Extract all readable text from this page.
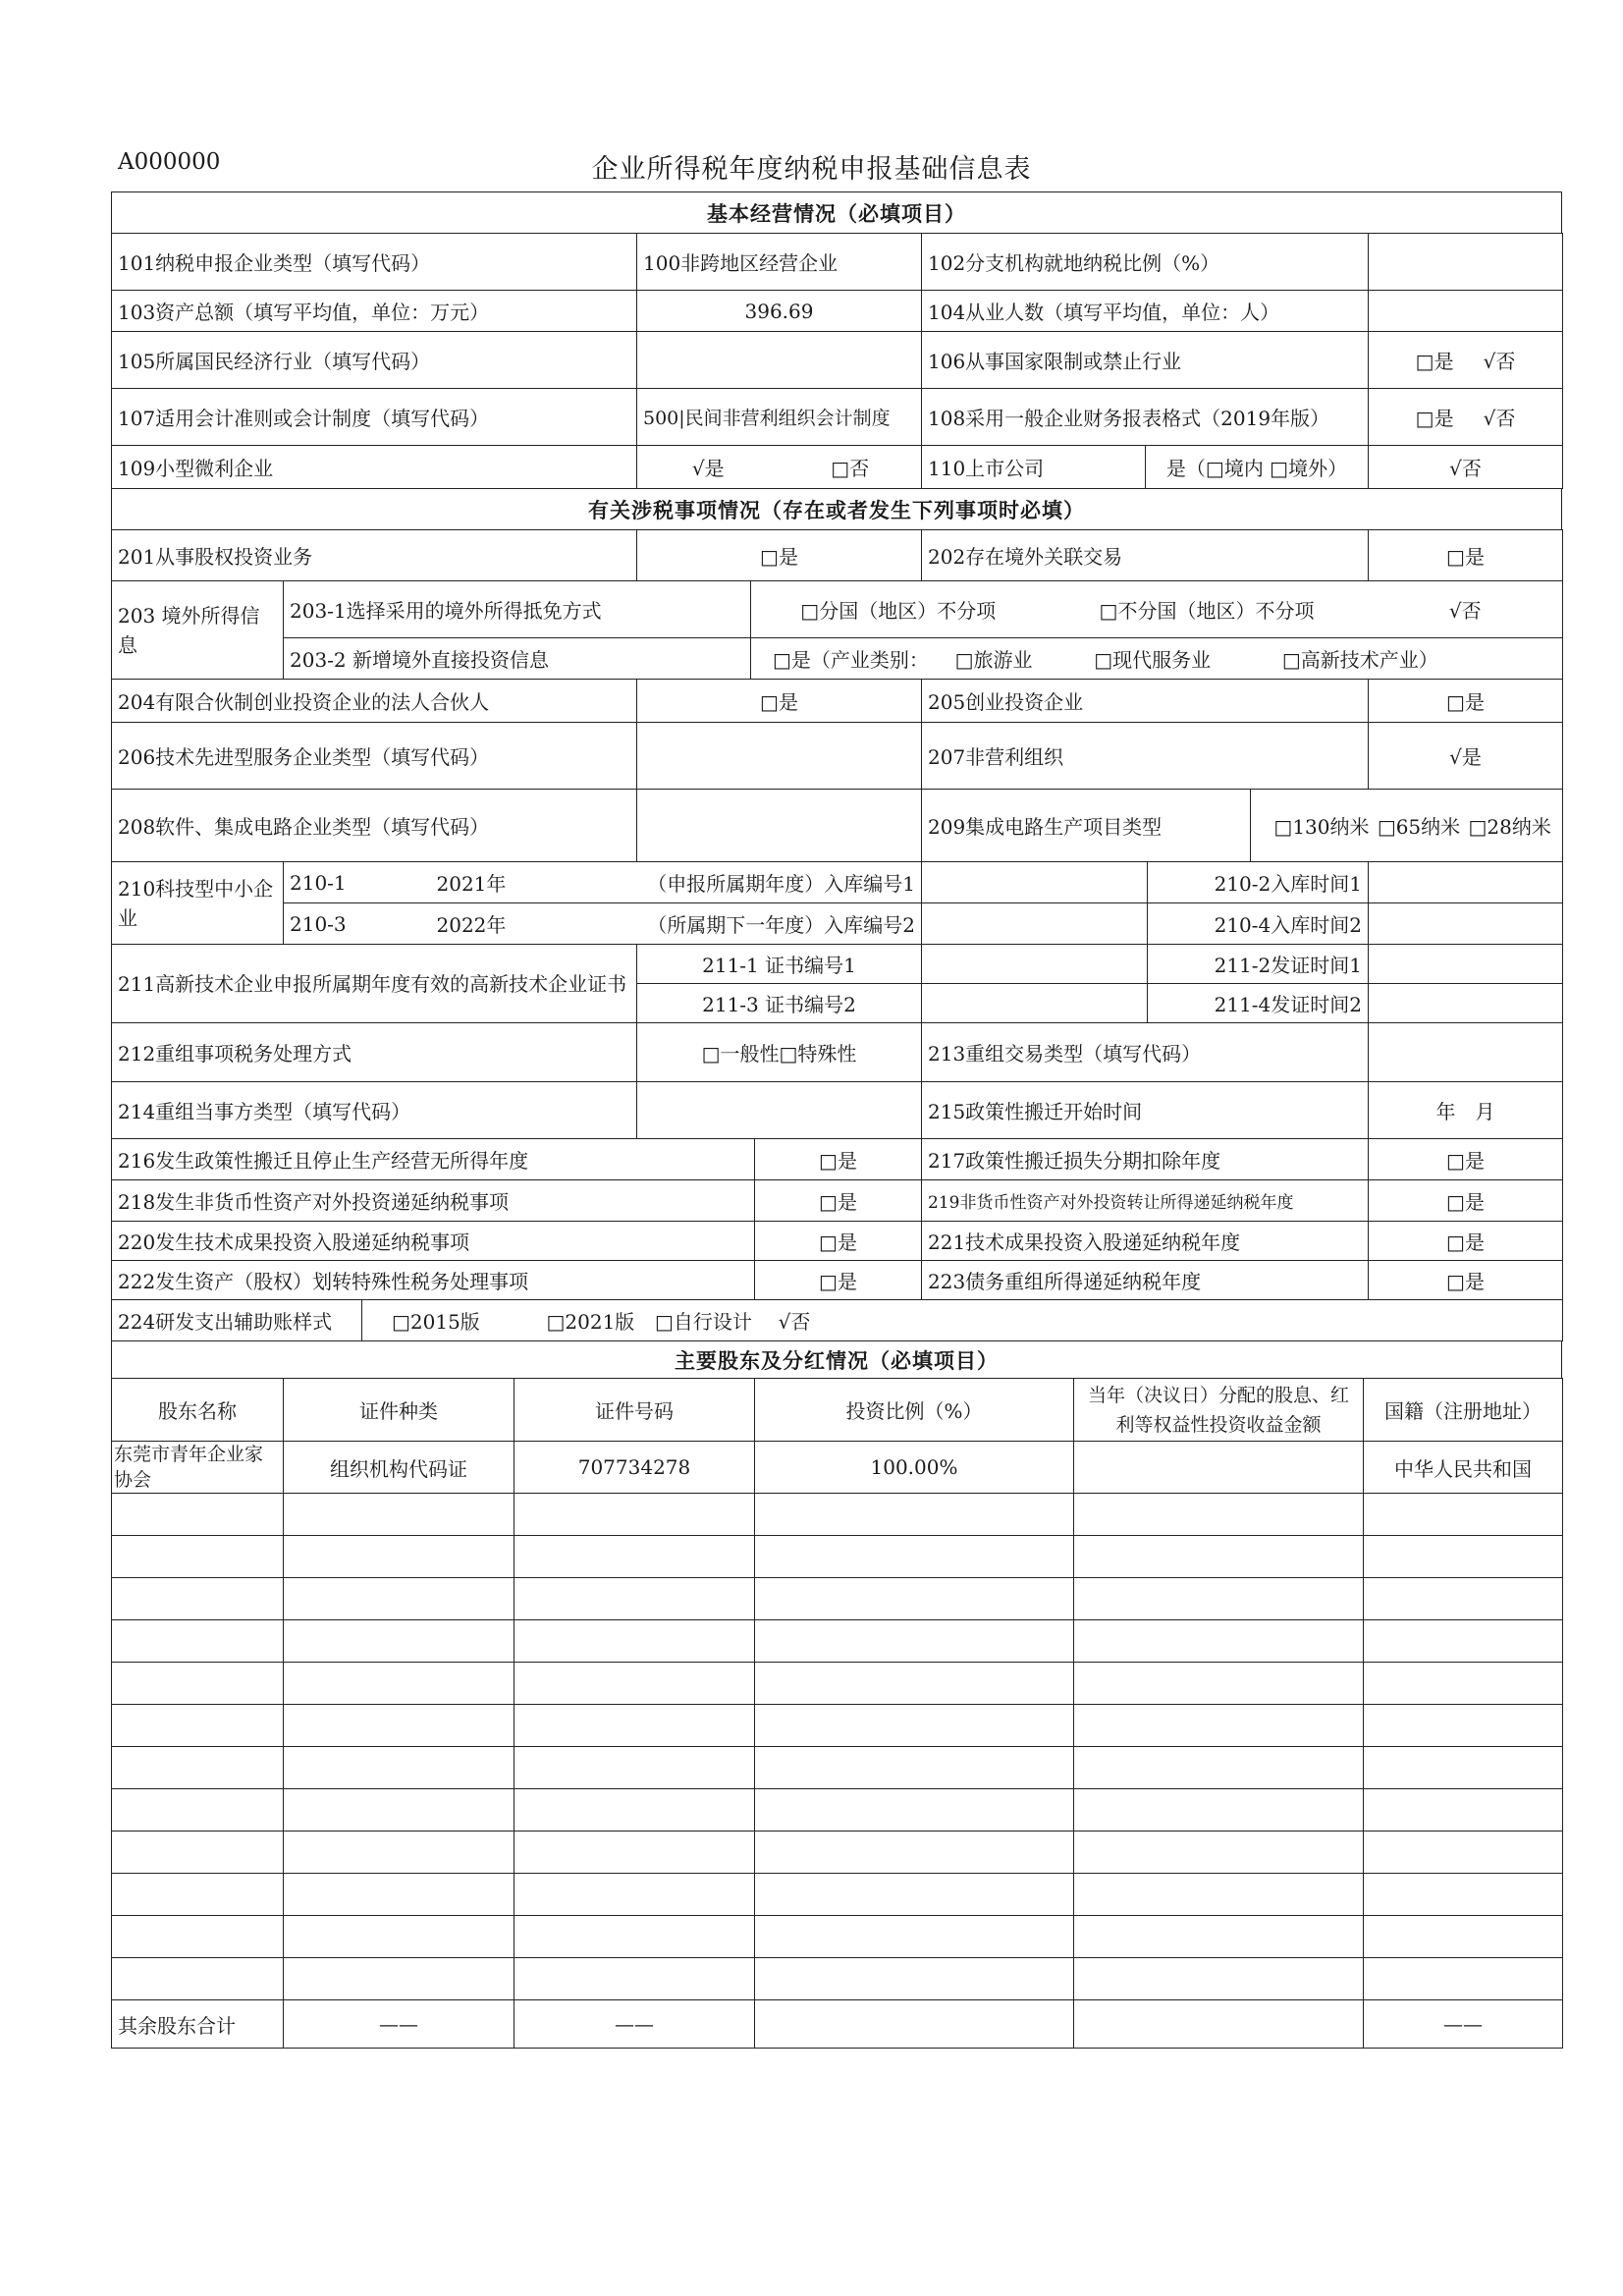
A000000	企业所得税年度纳税申报基础信息表
基本经营情况（必填项目）
101纳税申报企业类型（填写代码）	100非跨地区经营企业	102分支机构就地纳税比例（%）	
103资产总额（填写平均值，单位：万元）	396.69	104从业人数（填写平均值，单位：人）	
105所属国民经济行业（填写代码）		106从事国家限制或禁止行业	□是 √否
107适用会计准则或会计制度（填写代码）	500|民间非营利组织会计制度	108采用一般企业财务报表格式（2019年版）	□是 √否
109小型微利企业	√是	□否	110上市公司	是（□境内 □境外）	√否
有关涉税事项情况（存在或者发生下列事项时必填）
201从事股权投资业务	□是	202存在境外关联交易	□是
203 境外所得信息	203-1选择采用的境外所得抵免方式	□分国（地区）不分项	□不分国（地区）不分项	√否
	203-2 新增境外直接投资信息	□是（产业类别： □旅游业 □现代服务业 □高新技术产业）		
204有限合伙制创业投资企业的法人合伙人	□是	205创业投资企业	□是
206技术先进型服务企业类型（填写代码）		207非营利组织	√是
208软件、集成电路企业类型（填写代码）		209集成电路生产项目类型	□130纳米	□65纳米	□28纳米
210科技型中小企业	210-1	2021年	（申报所属期年度）入库编号1		210-2入库时间1	
	210-3	2022年	（所属期下一年度）入库编号2		210-4入库时间2	
211高新技术企业申报所属期年度有效的高新技术企业证书	211-1 证书编号1		211-2发证时间1	
	211-3 证书编号2		211-4发证时间2	
212重组事项税务处理方式	□一般性□特殊性	213重组交易类型（填写代码）	
214重组当事方类型（填写代码）		215政策性搬迁开始时间	年　月
216发生政策性搬迁且停止生产经营无所得年度	□是	217政策性搬迁损失分期扣除年度	□是
218发生非货币性资产对外投资递延纳税事项	□是	219非货币性资产对外投资转让所得递延纳税年度	□是
220发生技术成果投资入股递延纳税事项	□是	221技术成果投资入股递延纳税年度	□是
222发生资产（股权）划转特殊性税务处理事项	□是	223债务重组所得递延纳税年度	□是
224研发支出辅助账样式	□2015版	□2021版 □自行设计 √否
主要股东及分红情况（必填项目）
股东名称	证件种类	证件号码	投资比例（%）	当年（决议日）分配的股息、红利等权益性投资收益金额	国籍（注册地址）
东莞市青年企业家协会	组织机构代码证	707734278	100.00%		中华人民共和国

其余股东合计	——	——			——
